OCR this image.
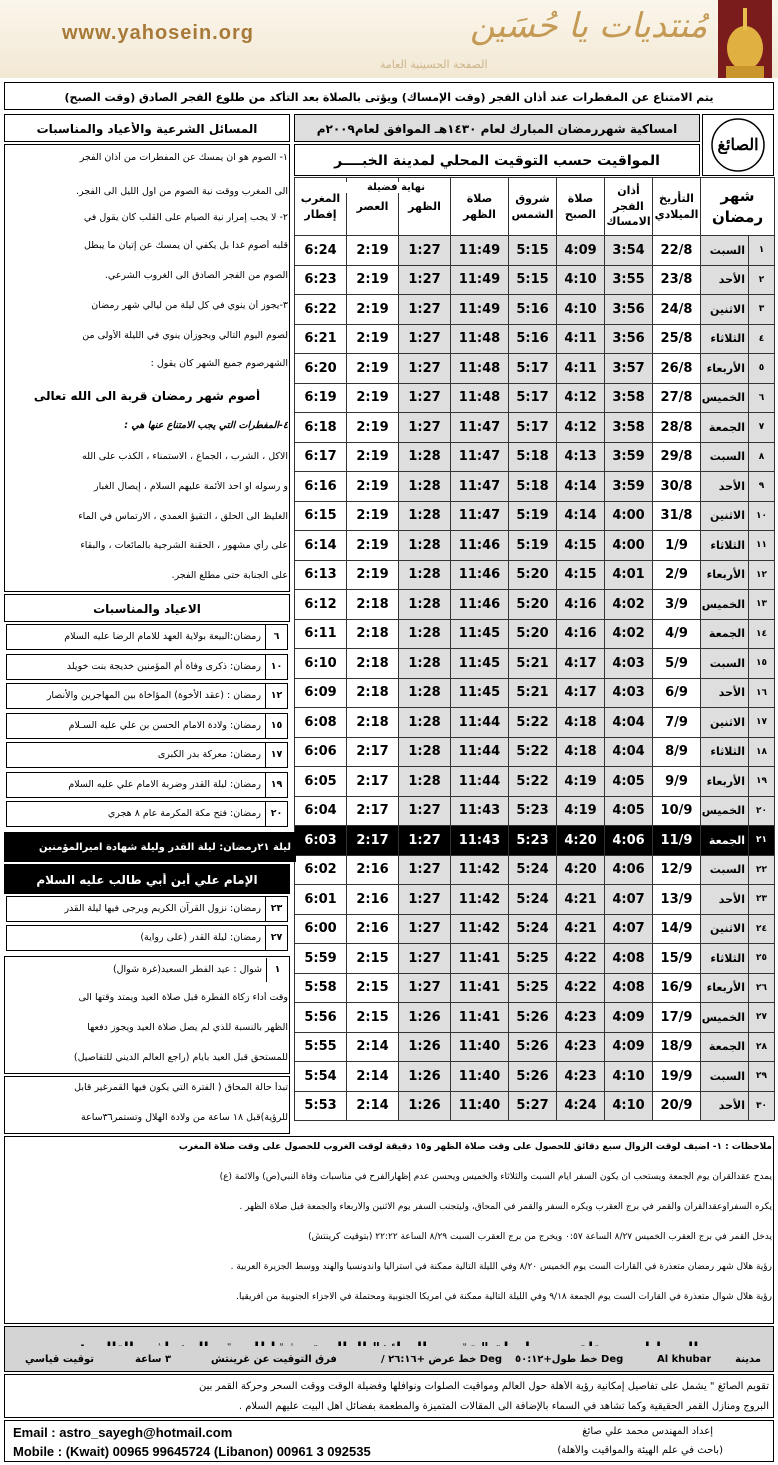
www.yahosein.org	مُنتديات يا حُسَين
الصفحة الحسينية العامة
يتم الامتناع عن المفطرات عند أذان الفجر (وقت الإمساك) ويؤتى بالصلاة بعد التأكد من طلوع الفجر الصادق (وقت الصبح)
المسائل الشرعية والأعياد والمناسبات	امساكية شهررمضان المبارك لعام ١٤٣٠هـ الموافق لعام٢٠٠٩م
المواقيت حسب التوقيت المحلي لمدينة الخبــــر
الصائغ
المغرب إفطار	العصر	الظهر	صلاة الظهر	شروق الشمس	صلاة الصبح	أذان الفجر الامساك	التأريخ الميلادي	شهر رمضان	
6:24	2:19	1:27	11:49	5:15	4:09	3:54	22/8	السبت	١
6:23	2:19	1:27	11:49	5:15	4:10	3:55	23/8	الأحد	٢
6:22	2:19	1:27	11:49	5:16	4:10	3:56	24/8	الاثنين	٣
6:21	2:19	1:27	11:48	5:16	4:11	3:56	25/8	الثلاثاء	٤
6:20	2:19	1:27	11:48	5:17	4:11	3:57	26/8	الأربعاء	٥
6:19	2:19	1:27	11:48	5:17	4:12	3:58	27/8	الخميس	٦
6:18	2:19	1:27	11:47	5:17	4:12	3:58	28/8	الجمعة	٧
6:17	2:19	1:28	11:47	5:18	4:13	3:59	29/8	السبت	٨
6:16	2:19	1:28	11:47	5:18	4:14	3:59	30/8	الأحد	٩
6:15	2:19	1:28	11:47	5:19	4:14	4:00	31/8	الاثنين	١٠
6:14	2:19	1:28	11:46	5:19	4:15	4:00	1/9	الثلاثاء	١١
6:13	2:19	1:28	11:46	5:20	4:15	4:01	2/9	الأربعاء	١٢
6:12	2:18	1:28	11:46	5:20	4:16	4:02	3/9	الخميس	١٣
6:11	2:18	1:28	11:45	5:20	4:16	4:02	4/9	الجمعة	١٤
6:10	2:18	1:28	11:45	5:21	4:17	4:03	5/9	السبت	١٥
6:09	2:18	1:28	11:45	5:21	4:17	4:03	6/9	الأحد	١٦
6:08	2:18	1:28	11:44	5:22	4:18	4:04	7/9	الاثنين	١٧
6:06	2:17	1:28	11:44	5:22	4:18	4:04	8/9	الثلاثاء	١٨
6:05	2:17	1:28	11:44	5:22	4:19	4:05	9/9	الأربعاء	١٩
6:04	2:17	1:27	11:43	5:23	4:19	4:05	10/9	الخميس	٢٠
6:03	2:17	1:27	11:43	5:23	4:20	4:06	11/9	الجمعة	٢١
6:02	2:16	1:27	11:42	5:24	4:20	4:06	12/9	السبت	٢٢
6:01	2:16	1:27	11:42	5:24	4:21	4:07	13/9	الأحد	٢٣
6:00	2:16	1:27	11:42	5:24	4:21	4:07	14/9	الاثنين	٢٤
5:59	2:15	1:27	11:41	5:25	4:22	4:08	15/9	الثلاثاء	٢٥
5:58	2:15	1:27	11:41	5:25	4:22	4:08	16/9	الأربعاء	٢٦
5:56	2:15	1:26	11:41	5:26	4:23	4:09	17/9	الخميس	٢٧
5:55	2:14	1:26	11:40	5:26	4:23	4:09	18/9	الجمعة	٢٨
5:54	2:14	1:26	11:40	5:26	4:23	4:10	19/9	السبت	٢٩
5:53	2:14	1:26	11:40	5:27	4:24	4:10	20/9	الأحد	٣٠
نهاية فضيلة
١- الصوم هو ان يمسك عن المفطرات من أذان الفجر
الى المغرب ووقت نية الصوم من اول الليل الى الفجر.
٢- لا يجب إمرار نية الصيام على القلب كأن يقول في
قلبه أصوم غدا بل يكفي أن يمسك عن إتيان ما يبطل
الصوم من الفجر الصادق الى الغروب الشرعي.
٣-يجوز أن ينوي في كل ليلة من ليالي شهر رمضان
لصوم اليوم التالي ويجوزأن ينوي في الليلة الأولى من
الشهرصوم جميع الشهر كأن يقول :
أصوم شهر رمضان قربة الى الله تعالى
٤-المفطرات التي يجب الامتناع عنها هي :
الاكل ، الشرب ، الجماع ، الاستمناء ، الكذب على الله
و رسوله او احد الأئمة عليهم السلام ، إيصال الغبار
الغليظ الى الحلق ، التقيؤ العمدي ، الارتماس في الماء
على رأي مشهور ، الحقنة الشرجية بالمائعات ، والبقاء
على الجنابة حتى مطلع الفجر.
الاعياد والمناسبات
٦
رمضان:البيعة بولاية العهد للامام الرضا عليه السلام
١٠
رمضان: ذكرى وفاة أم المؤمنين خديجة بنت خويلد
١٢
رمضان : (عقد الأخوة) المؤاخاة بين المهاجرين والأنصار
١٥
رمضان: ولادة الامام الحسن بن علي عليه السـلام
١٧
رمضان: معركة بدر الكبرى
١٩
رمضان: ليلة القدر وضربة الامام علي عليه السلام
٢٠
رمضان: فتح مكة المكرمة عام ٨ هجري
ليلة ٢١رمضان: ليلة القدر وليلة شهادة اميرالمؤمنين
الإمام علي أبن أبي طالب عليه السلام
٢٣
رمضان: نزول القرآن الكريم ويرجى فيها ليلة القدر
٢٧
رمضان: ليلة القدر (على رواية)
١
شوال : عيد الفطر السعيد(غرة شوال)
وقت أداء زكاة الفطرة قبل صلاة العيد ويمتد وقتها الى
الظهر بالنسبة للذي لم يصل صلاة العيد ويجوز دفعها
للمستحق قبل العيد بأيام (راجع العالم الديني للتفاصيل)
تبدأ حالة المحاق ( الفترة التي يكون فيها القمرغير قابل
للرؤية)قبل ١٨ ساعة من ولادة الهلال وتستمر٣٦ساعة
ملاحظات : ١- أضيف لوقت الزوال سبع دقائق للحصول على وقت صلاة الظهر و١٥ دقيقة لوقت الغروب للحصول على وقت صلاة المغرب
يمدح عقدالقران يوم الجمعة ويستحب أن يكون السفر أيام السبت والثلاثاء والخميس ويحسن عدم إظهارالفرح في مناسبات وفاة النبي(ص) والأئمة (ع)
يكره السفرأوعقدالقران والقمر في برج العقرب ويكره السفر والقمر في المحاق، وليتجنب السفر يوم الاثنين والأربعاء والجمعة قبل صلاة الظهر .
يدخل القمر في برج العقرب الخميس ٨/٢٧ الساعة ٠:٥٧ ويخرج من برج العقرب السبت ٨/٢٩ الساعة ٢٢:٢٢ (بتوقيت كرينتش)
رؤية هلال شهر رمضان متعذرة في القارات الست يوم الخميس ٨/٢٠ وفي الليلة التالية ممكنة في استراليا وأندونسيا والهند ووسط الجزيرة العربية .
رؤية هلال شوال متعذرة في القارات الست يوم الجمعة ٩/١٨ وفي الليلة التالية ممكنة في أمريكا الجنوبية ومحتملة في الأجزاء الجنوبية من أفريقيا.
مدينة
Al khubar
خط طول+٥٠:١٢ Deg
/ خط عرض +٢٦:١٦ Deg
فرق التوقيت عن غرينتش
٣ ساعة
توقيت قياسي
تقويم الصائغ " يشمل على تفاصيل إمكانية رؤية الأهلة حول العالم ومواقيت الصلوات ونوافلها وفضيلة الوقت ووقت السحر وحركة القمر بين
البروج ومنازل القمر الحقيقية وكما تشاهد في السماء بالإضافة الى المقالات المتميزة والمطعمة بفضائل أهل البيت عليهم السلام .
Email : astro_sayegh@hotmail.com
Mobile : (Kwait) 00965 99645724 (Libanon) 00961 3 092535
إعداد المهندس محمد علي صائغ
(باحث في علم الهيئة والمواقيت والأهلة)
